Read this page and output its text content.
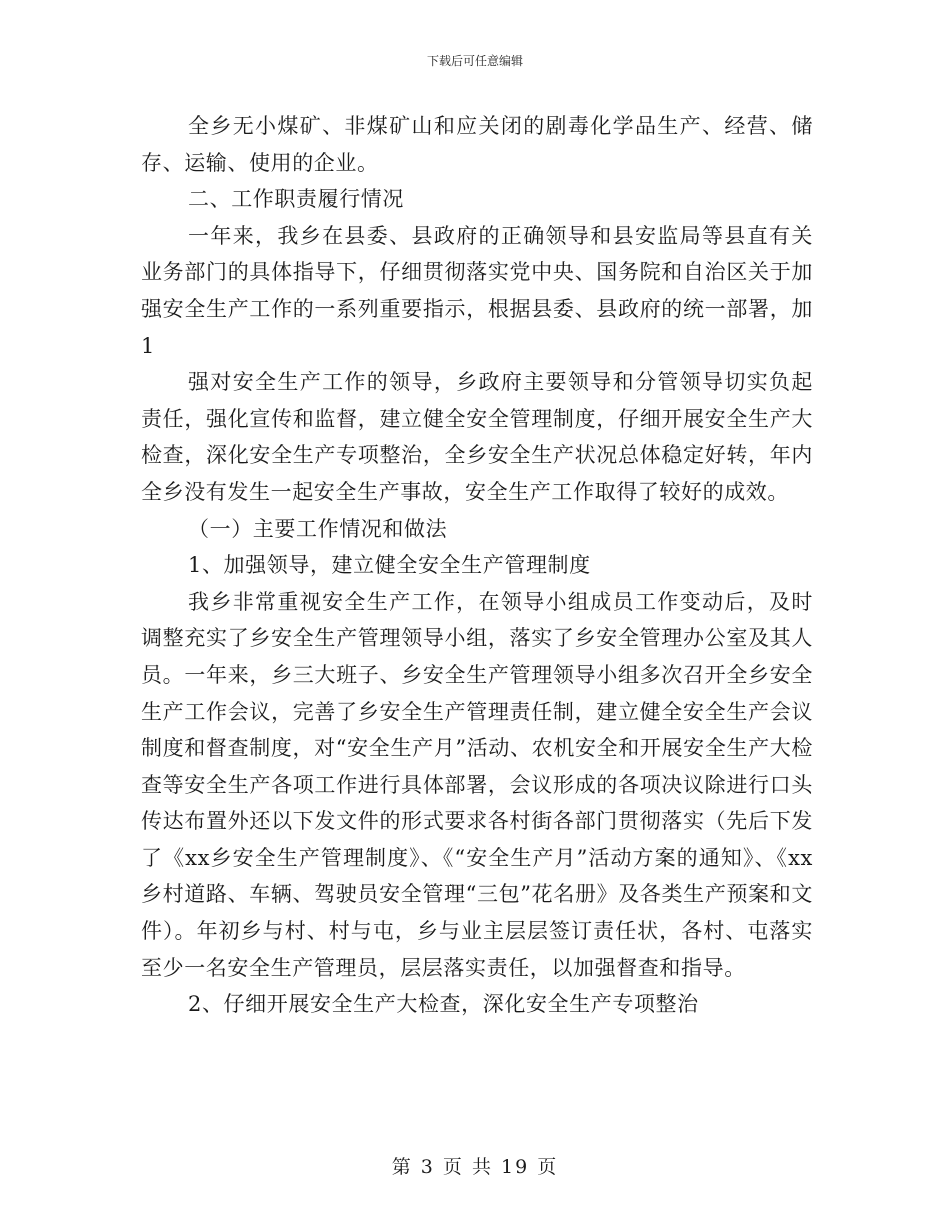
下载后可任意编辑

全乡无小煤矿、非煤矿山和应关闭的剧毒化学品生产、经营、储存、运输、使用的企业。

二、工作职责履行情况

一年来，我乡在县委、县政府的正确领导和县安监局等县直有关业务部门的具体指导下，仔细贯彻落实党中央、国务院和自治区关于加强安全生产工作的一系列重要指示，根据县委、县政府的统一部署，加 1

强对安全生产工作的领导，乡政府主要领导和分管领导切实负起责任，强化宣传和监督，建立健全安全管理制度，仔细开展安全生产大检查，深化安全生产专项整治，全乡安全生产状况总体稳定好转，年内全乡没有发生一起安全生产事故，安全生产工作取得了较好的成效。

（一）主要工作情况和做法

1、加强领导，建立健全安全生产管理制度

我乡非常重视安全生产工作，在领导小组成员工作变动后，及时调整充实了乡安全生产管理领导小组，落实了乡安全管理办公室及其人员。一年来，乡三大班子、乡安全生产管理领导小组多次召开全乡安全生产工作会议，完善了乡安全生产管理责任制，建立健全安全生产会议制度和督查制度，对“安全生产月”活动、农机安全和开展安全生产大检查等安全生产各项工作进行具体部署，会议形成的各项决议除进行口头传达布置外还以下发文件的形式要求各村街各部门贯彻落实（先后下发了《xx乡安全生产管理制度》、《“安全生产月”活动方案的通知》、《xx乡村道路、车辆、驾驶员安全管理“三包”花名册》及各类生产预案和文件）。年初乡与村、村与屯，乡与业主层层签订责任状，各村、屯落实至少一名安全生产管理员，层层落实责任，以加强督查和指导。

2、仔细开展安全生产大检查，深化安全生产专项整治

第 3 页 共 19 页
